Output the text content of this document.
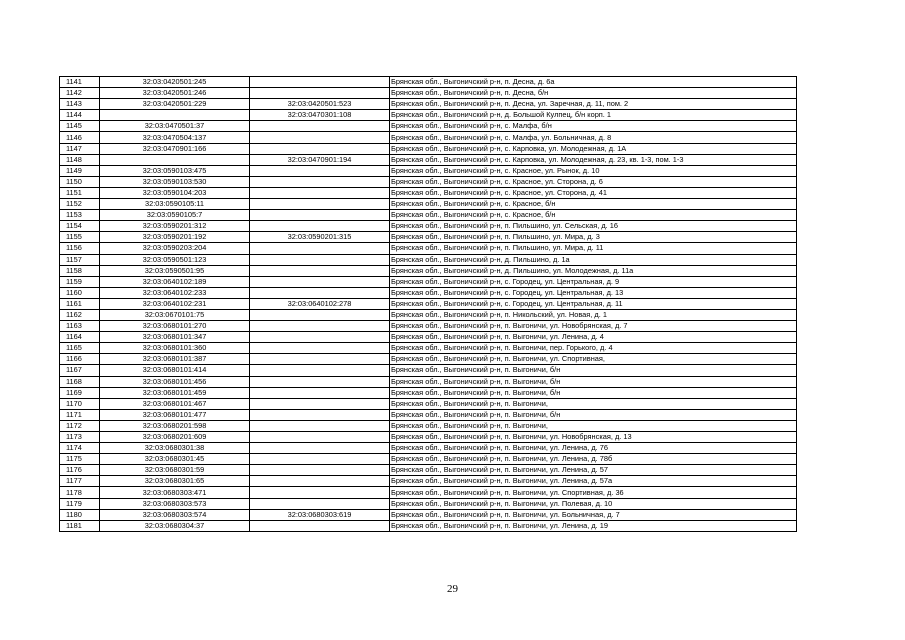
1141	32:03:0420501:245		Брянская обл., Выгоничский р-н, п. Десна, д. 6а
1142	32:03:0420501:246		Брянская обл., Выгоничский р-н, п. Десна, б/н
1143	32:03:0420501:229	32:03:0420501:523	Брянская обл., Выгоничский р-н, п. Десна, ул. Заречная, д. 11, пом. 2
1144		32:03:0470301:108	Брянская обл., Выгоничский р-н, д. Большой Кулпец, б/н корп. 1
1145	32:03:0470501:37		Брянская обл., Выгоничский р-н, с. Малфа, б/н
1146	32:03:0470504:137		Брянская обл., Выгоничский р-н, с. Малфа, ул. Больничная, д. 8
1147	32:03:0470901:166		Брянская обл., Выгоничский р-н, с. Карповка, ул. Молодежная, д. 1А
1148		32:03:0470901:194	Брянская обл., Выгоничский р-н, с. Карповка, ул. Молодежная, д. 23, кв. 1-3, пом. 1-3
1149	32:03:0590103:475		Брянская обл., Выгоничский р-н, с. Красное, ул. Рынок, д. 10
1150	32:03:0590103:530		Брянская обл., Выгоничский р-н, с. Красное, ул. Сторона, д. 6
1151	32:03:0590104:203		Брянская обл., Выгоничский р-н, с. Красное, ул. Сторона, д. 41
1152	32:03:0590105:11		Брянская обл., Выгоничский р-н, с. Красное, б/н
1153	32:03:0590105:7		Брянская обл., Выгоничский р-н, с. Красное, б/н
1154	32:03:0590201:312		Брянская обл., Выгоничский р-н, п. Пильшино, ул. Сельская, д. 16
1155	32:03:0590201:192	32:03:0590201:315	Брянская обл., Выгоничский р-н, п. Пильшино, ул. Мира, д. 3
1156	32:03:0590203:204		Брянская обл., Выгоничский р-н, п. Пильшино, ул. Мира, д. 11
1157	32:03:0590501:123		Брянская обл., Выгоничский р-н, д. Пильшино, д. 1а
1158	32:03:0590501:95		Брянская обл., Выгоничский р-н, д. Пильшино, ул. Молодежная, д. 11а
1159	32:03:0640102:189		Брянская обл., Выгоничский р-н, с. Городец, ул. Центральная, д. 9
1160	32:03:0640102:233		Брянская обл., Выгоничский р-н, с. Городец, ул. Центральная, д. 13
1161	32:03:0640102:231	32:03:0640102:278	Брянская обл., Выгоничский р-н, с. Городец, ул. Центральная, д. 11
1162	32:03:0670101:75		Брянская обл., Выгоничский р-н, п. Никольский, ул. Новая, д. 1
1163	32:03:0680101:270		Брянская обл., Выгоничский р-н, п. Выгоничи, ул. Новобрянская, д. 7
1164	32:03:0680101:347		Брянская обл., Выгоничский р-н, п. Выгоничи, ул. Ленина, д. 4
1165	32:03:0680101:360		Брянская обл., Выгоничский р-н, п. Выгоничи, пер. Горького, д. 4
1166	32:03:0680101:387		Брянская обл., Выгоничский р-н, п. Выгоничи, ул. Спортивная,
1167	32:03:0680101:414		Брянская обл., Выгоничский р-н, п. Выгоничи, б/н
1168	32:03:0680101:456		Брянская обл., Выгоничский р-н, п. Выгоничи, б/н
1169	32:03:0680101:459		Брянская обл., Выгоничский р-н, п. Выгоничи, б/н
1170	32:03:0680101:467		Брянская обл., Выгоничский р-н, п. Выгоничи,
1171	32:03:0680101:477		Брянская обл., Выгоничский р-н, п. Выгоничи, б/н
1172	32:03:0680201:598		Брянская обл., Выгоничский р-н, п. Выгоничи,
1173	32:03:0680201:609		Брянская обл., Выгоничский р-н, п. Выгоничи, ул. Новобрянская, д. 13
1174	32:03:0680301:38		Брянская обл., Выгоничский р-н, п. Выгоничи, ул. Ленина, д. 76
1175	32:03:0680301:45		Брянская обл., Выгоничский р-н, п. Выгоничи, ул. Ленина, д. 78б
1176	32:03:0680301:59		Брянская обл., Выгоничский р-н, п. Выгоничи, ул. Ленина, д. 57
1177	32:03:0680301:65		Брянская обл., Выгоничский р-н, п. Выгоничи, ул. Ленина, д. 57а
1178	32:03:0680303:471		Брянская обл., Выгоничский р-н, п. Выгоничи, ул. Спортивная, д. 36
1179	32:03:0680303:573		Брянская обл., Выгоничский р-н, п. Выгоничи, ул. Полевая, д. 10
1180	32:03:0680303:574	32:03:0680303:619	Брянская обл., Выгоничский р-н, п. Выгоничи, ул. Больничная, д. 7
1181	32:03:0680304:37		Брянская обл., Выгоничский р-н, п. Выгоничи, ул. Ленина, д. 19
29
